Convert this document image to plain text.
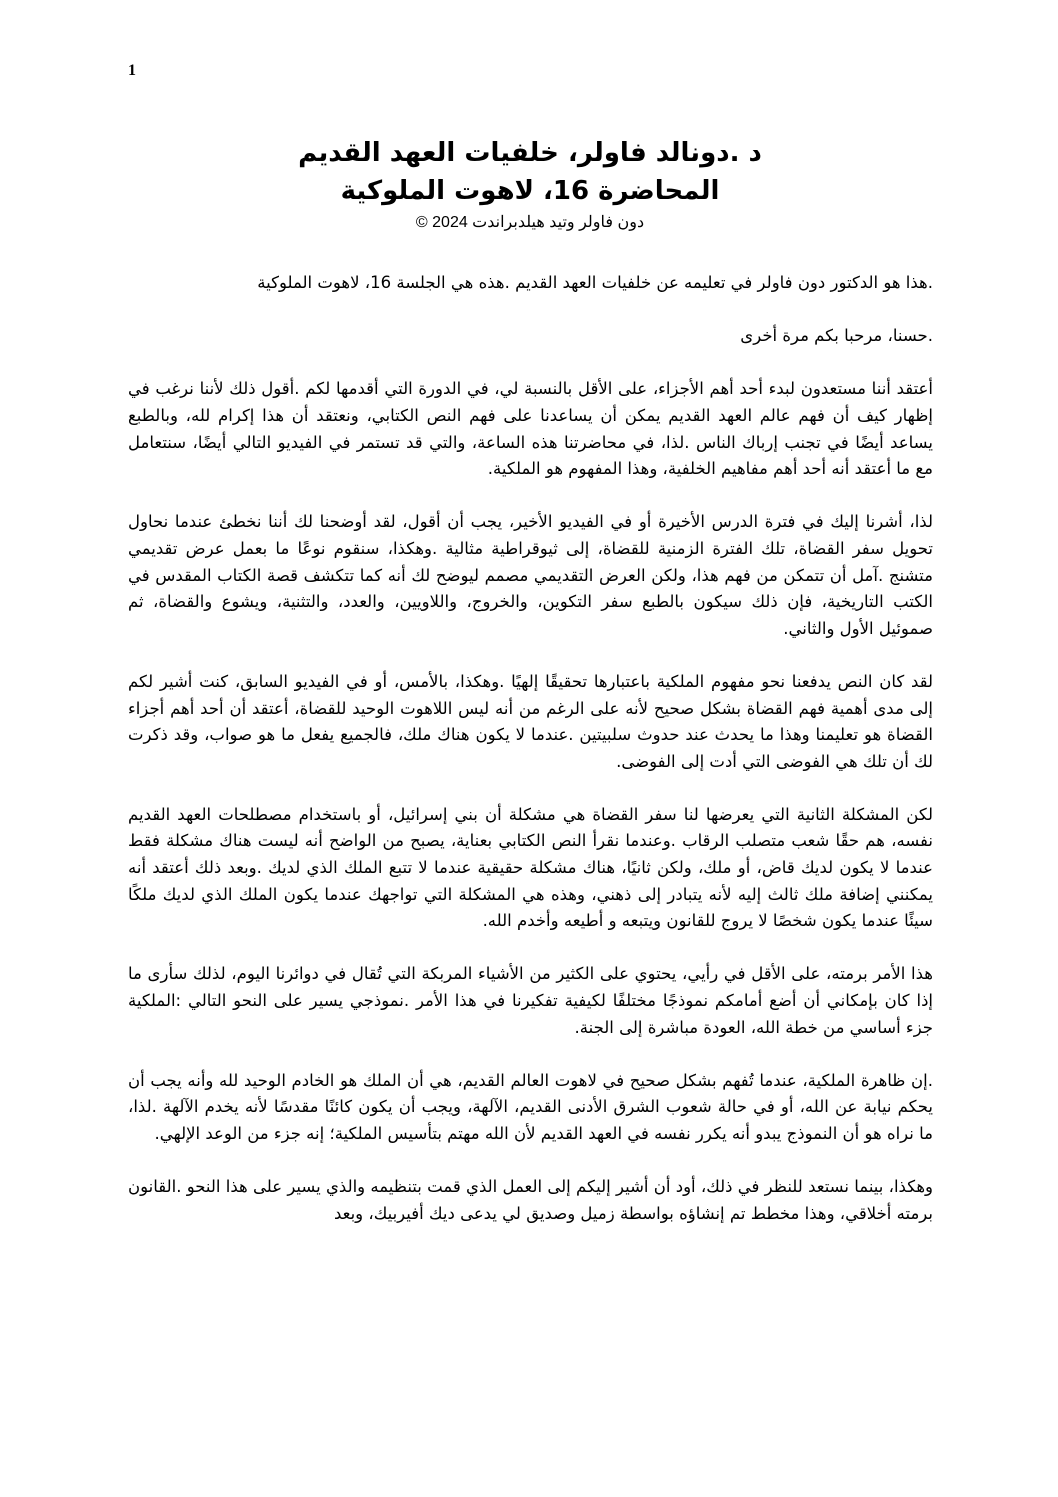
1
د .دونالد فاولر، خلفيات العهد القديم
المحاضرة 16، لاهوت الملوكية
دون فاولر وتيد هيلدبراندت 2024 ©

.هذا هو الدكتور دون فاولر في تعليمه عن خلفيات العهد القديم .هذه هي الجلسة 16، لاهوت الملوكية

.حسنا، مرحبا بكم مرة أخرى

أعتقد أننا مستعدون لبدء أحد أهم الأجزاء، على الأقل بالنسبة لي، في الدورة التي أقدمها لكم .أقول ذلك لأننا نرغب في إظهار كيف أن فهم عالم العهد القديم يمكن أن يساعدنا على فهم النص الكتابي، ونعتقد أن هذا إكرام لله، وبالطبع يساعد أيضًا في تجنب إرباك الناس .لذا، في محاضرتنا هذه الساعة، والتي قد تستمر في الفيديو التالي أيضًا، سنتعامل مع ما أعتقد أنه أحد أهم مفاهيم الخلفية، وهذا المفهوم هو الملكية.

لذا، أشرنا إليك في فترة الدرس الأخيرة أو في الفيديو الأخير، يجب أن أقول، لقد أوضحنا لك أننا نخطئ عندما نحاول تحويل سفر القضاة، تلك الفترة الزمنية للقضاة، إلى ثيوقراطية مثالية .وهكذا، سنقوم نوعًا ما بعمل عرض تقديمي متشنج .آمل أن تتمكن من فهم هذا، ولكن العرض التقديمي مصمم ليوضح لك أنه كما تتكشف قصة الكتاب المقدس في الكتب التاريخية، فإن ذلك سيكون بالطبع سفر التكوين، والخروج، واللاويين، والعدد، والتثنية، ويشوع والقضاة، ثم صموئيل الأول والثاني.

لقد كان النص يدفعنا نحو مفهوم الملكية باعتبارها تحقيقًا إلهيًا .وهكذا، بالأمس، أو في الفيديو السابق، كنت أشير لكم إلى مدى أهمية فهم القضاة بشكل صحيح لأنه على الرغم من أنه ليس اللاهوت الوحيد للقضاة، أعتقد أن أحد أهم أجزاء القضاة هو تعليمنا وهذا ما يحدث عند حدوث سلبيتين .عندما لا يكون هناك ملك، فالجميع يفعل ما هو صواب، وقد ذكرت لك أن تلك هي الفوضى التي أدت إلى الفوضى.

لكن المشكلة الثانية التي يعرضها لنا سفر القضاة هي مشكلة أن بني إسرائيل، أو باستخدام مصطلحات العهد القديم نفسه، هم حقًا شعب متصلب الرقاب .وعندما نقرأ النص الكتابي بعناية، يصبح من الواضح أنه ليست هناك مشكلة فقط عندما لا يكون لديك قاض، أو ملك، ولكن ثانيًا، هناك مشكلة حقيقية عندما لا تتبع الملك الذي لديك .وبعد ذلك أعتقد أنه يمكنني إضافة ملك ثالث إليه لأنه يتبادر إلى ذهني، وهذه هي المشكلة التي تواجهك عندما يكون الملك الذي لديك ملكًا سيئًا عندما يكون شخصًا لا يروج للقانون ويتبعه و أطيعه وأخدم الله.

هذا الأمر برمته، على الأقل في رأيي، يحتوي على الكثير من الأشياء المربكة التي تُقال في دوائرنا اليوم، لذلك سأرى ما إذا كان بإمكاني أن أضع أمامكم نموذجًا مختلفًا لكيفية تفكيرنا في هذا الأمر .نموذجي يسير على النحو التالي :الملكية جزء أساسي من خطة الله، العودة مباشرة إلى الجنة.

.إن ظاهرة الملكية، عندما تُفهم بشكل صحيح في لاهوت العالم القديم، هي أن الملك هو الخادم الوحيد لله وأنه يجب أن يحكم نيابة عن الله، أو في حالة شعوب الشرق الأدنى القديم، الآلهة، ويجب أن يكون كائنًا مقدسًا لأنه يخدم الآلهة .لذا، ما نراه هو أن النموذج يبدو أنه يكرر نفسه في العهد القديم لأن الله مهتم بتأسيس الملكية؛ إنه جزء من الوعد الإلهي.

وهكذا، بينما نستعد للنظر في ذلك، أود أن أشير إليكم إلى العمل الذي قمت بتنظيمه والذي يسير على هذا النحو .القانون برمته أخلاقي، وهذا مخطط تم إنشاؤه بواسطة زميل وصديق لي يدعى ديك أفيربيك، وبعد
